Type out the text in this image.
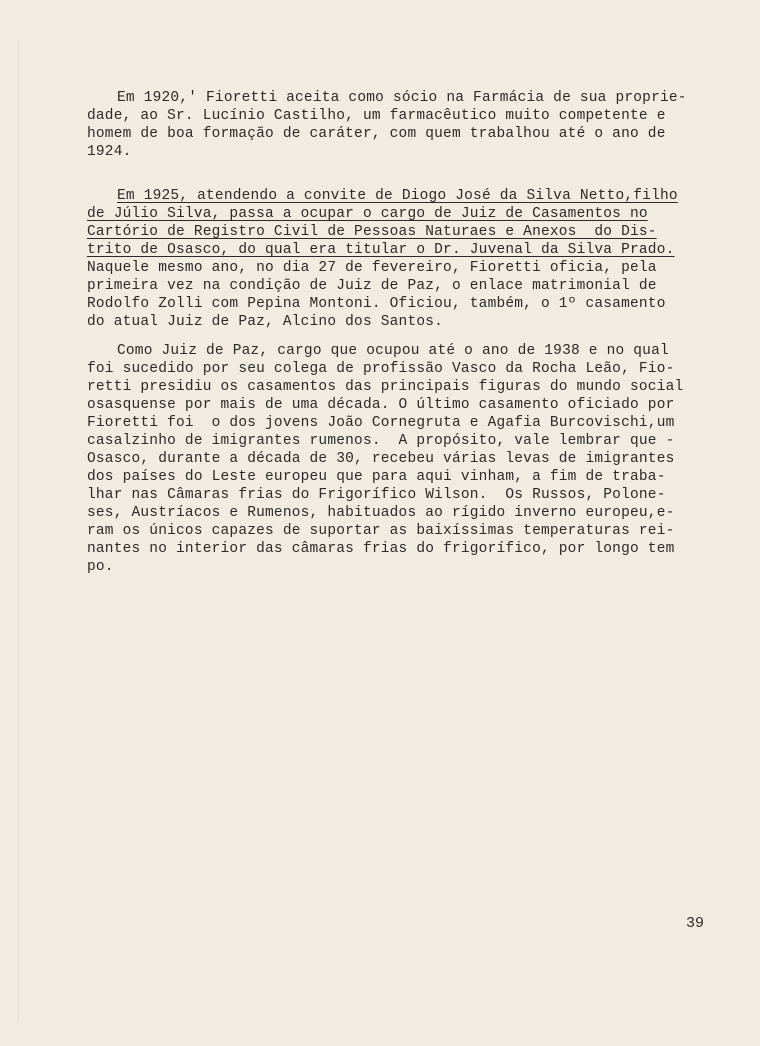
Em 1920,' Fioretti aceita como sócio na Farmácia de sua proprie-
dade, ao Sr. Lucínio Castilho, um farmacêutico muito competente e
homem de boa formação de caráter, com quem trabalhou até o ano de
1924.
Em 1925, atendendo a convite de Diogo José da Silva Netto,filho
de Júlio Silva, passa a ocupar o cargo de Juiz de Casamentos no
Cartório de Registro Civil de Pessoas Naturaes e Anexos  do Dis-
trito de Osasco, do qual era titular o Dr. Juvenal da Silva Prado.
Naquele mesmo ano, no dia 27 de fevereiro, Fioretti oficia, pela
primeira vez na condição de Juiz de Paz, o enlace matrimonial de
Rodolfo Zolli com Pepina Montoni. Oficiou, também, o 1º casamento
do atual Juiz de Paz, Alcino dos Santos.
Como Juiz de Paz, cargo que ocupou até o ano de 1938 e no qual
foi sucedido por seu colega de profissão Vasco da Rocha Leão, Fio-
retti presidiu os casamentos das principais figuras do mundo social
osasquense por mais de uma década. O último casamento oficiado por
Fioretti foi  o dos jovens João Cornegruta e Agafia Burcovischi,um
casalzinho de imigrantes rumenos.  A propósito, vale lembrar que -
Osasco, durante a década de 30, recebeu várias levas de imigrantes
dos países do Leste europeu que para aqui vinham, a fim de traba-
lhar nas Câmaras frias do Frigorífico Wilson.  Os Russos, Polone-
ses, Austríacos e Rumenos, habituados ao rígido inverno europeu,e-
ram os únicos capazes de suportar as baixíssimas temperaturas rei-
nantes no interior das câmaras frias do frigorífico, por longo tem
po.
39
